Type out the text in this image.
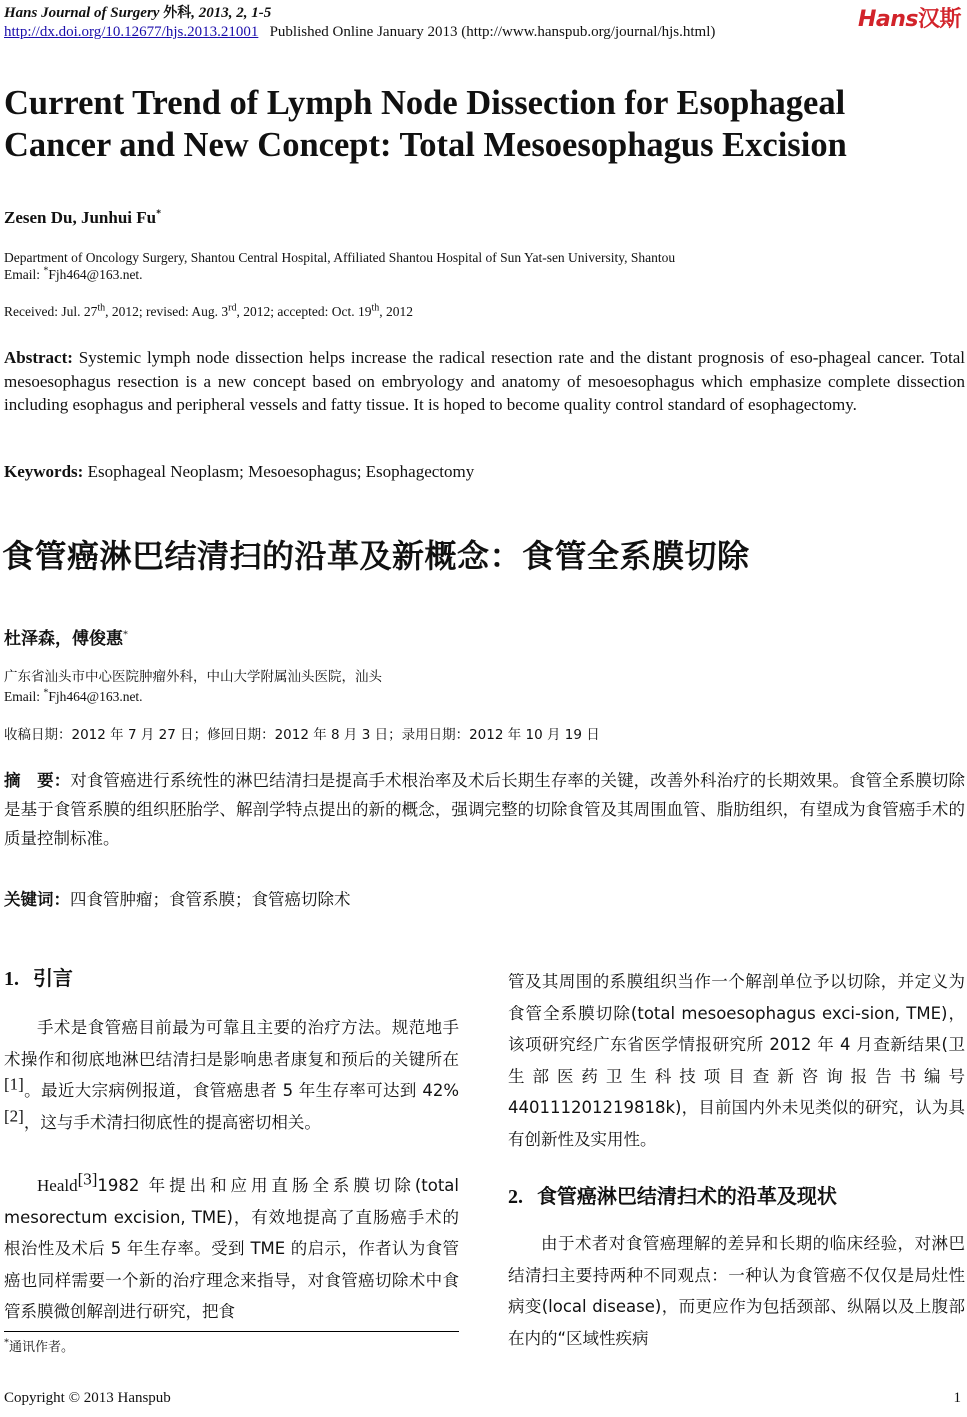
Hans Journal of Surgery 外科, 2013, 2, 1-5
http://dx.doi.org/10.12677/hjs.2013.21001 Published Online January 2013 (http://www.hanspub.org/journal/hjs.html)	Hans汉斯
Current Trend of Lymph Node Dissection for Esophageal
Cancer and New Concept: Total Mesoesophagus Excision
Zesen Du, Junhui Fu*
Department of Oncology Surgery, Shantou Central Hospital, Affiliated Shantou Hospital of Sun Yat-sen University, Shantou
Email: *Fjh464@163.net.
Received: Jul. 27th, 2012; revised: Aug. 3rd, 2012; accepted: Oct. 19th, 2012
Abstract: Systemic lymph node dissection helps increase the radical resection rate and the distant prognosis of eso-phageal cancer. Total mesoesophagus resection is a new concept based on embryology and anatomy of mesoesophagus which emphasize complete dissection including esophagus and peripheral vessels and fatty tissue. It is hoped to become quality control standard of esophagectomy.
Keywords: Esophageal Neoplasm; Mesoesophagus; Esophagectomy
食管癌淋巴结清扫的沿革及新概念：食管全系膜切除
杜泽森，傅俊惠*
广东省汕头市中心医院肿瘤外科，中山大学附属汕头医院，汕头
Email: *Fjh464@163.net.
收稿日期：2012 年 7 月 27 日；修回日期：2012 年 8 月 3 日；录用日期：2012 年 10 月 19 日
摘　要：对食管癌进行系统性的淋巴结清扫是提高手术根治率及术后长期生存率的关键，改善外科治疗的长期效果。食管全系膜切除是基于食管系膜的组织胚胎学、解剖学特点提出的新的概念，强调完整的切除食管及其周围血管、脂肪组织，有望成为食管癌手术的质量控制标准。
关键词：四食管肿瘤；食管系膜；食管癌切除术
1. 引言
手术是食管癌目前最为可靠且主要的治疗方法。规范地手术操作和彻底地淋巴结清扫是影响患者康复和预后的关键所在[1]。最近大宗病例报道，食管癌患者 5 年生存率可达到 42%[2]，这与手术清扫彻底性的提高密切相关。
Heald[3]1982 年提出和应用直肠全系膜切除(total mesorectum excision, TME)，有效地提高了直肠癌手术的根治性及术后 5 年生存率。受到 TME 的启示，作者认为食管癌也同样需要一个新的治疗理念来指导，对食管癌切除术中食管系膜微创解剖进行研究，把食
*通讯作者。
管及其周围的系膜组织当作一个解剖单位予以切除，并定义为食管全系膜切除(total mesoesophagus exci-sion, TME)，该项研究经广东省医学情报研究所 2012 年 4 月查新结果(卫生部医药卫生科技项目查新咨询报告书编号 440111201219818k)，目前国内外未见类似的研究，认为具有创新性及实用性。
2. 食管癌淋巴结清扫术的沿革及现状
由于术者对食管癌理解的差异和长期的临床经验，对淋巴结清扫主要持两种不同观点：一种认为食管癌不仅仅是局灶性病变(local disease)，而更应作为包括颈部、纵隔以及上腹部在内的“区域性疾病
Copyright © 2013 Hanspub	1
